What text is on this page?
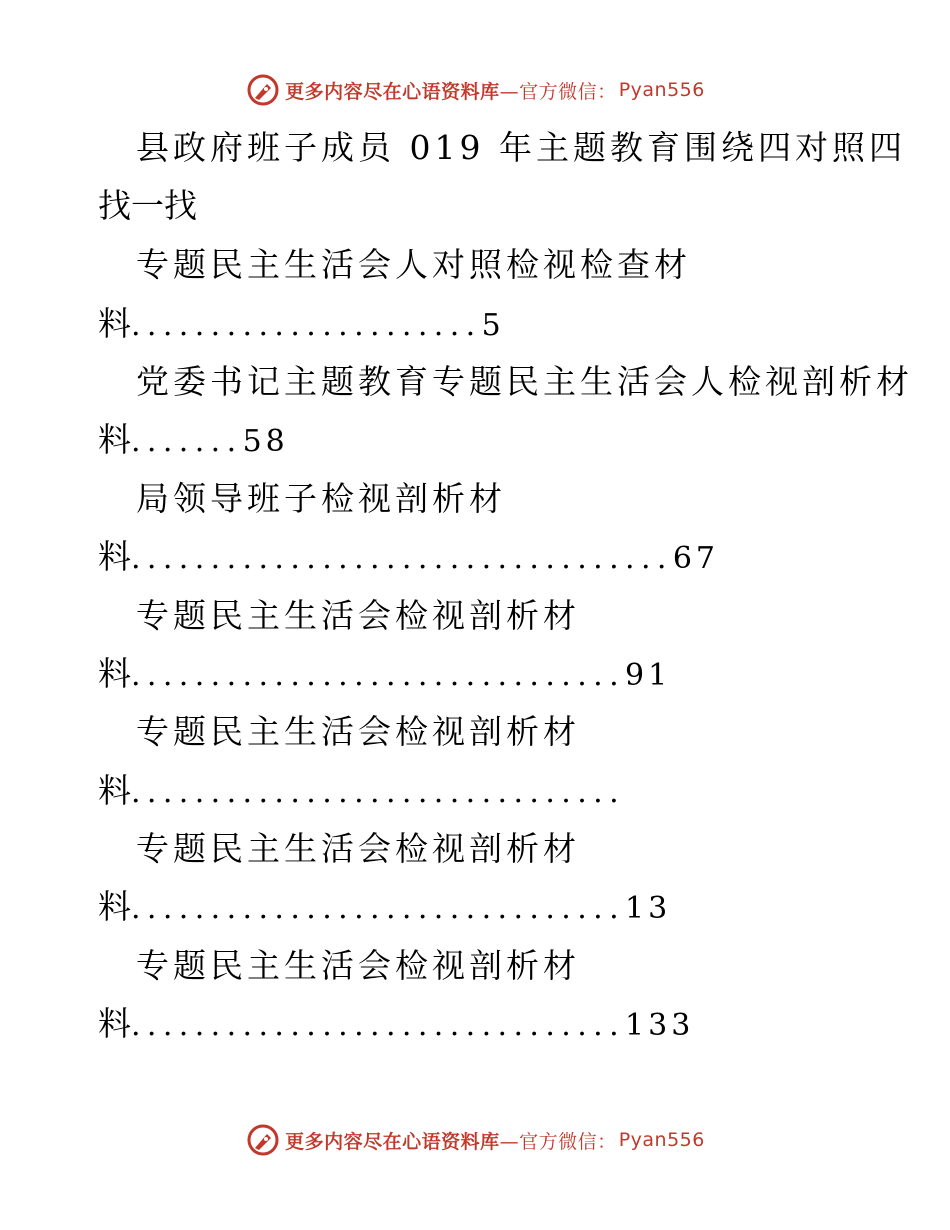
更多内容尽在心语资料库 —官方微信： Pyan556
县政府班子成员 019 年主题教育围绕四对照四
找一找
专题民主生活会人对照检视检查材
料......................5
党委书记主题教育专题民主生活会人检视剖析材
料.......58
局领导班子检视剖析材
料..................................67
专题民主生活会检视剖析材
料...............................91
专题民主生活会检视剖析材
料...............................
专题民主生活会检视剖析材
料...............................13
专题民主生活会检视剖析材
料...............................133
更多内容尽在心语资料库 —官方微信： Pyan556
